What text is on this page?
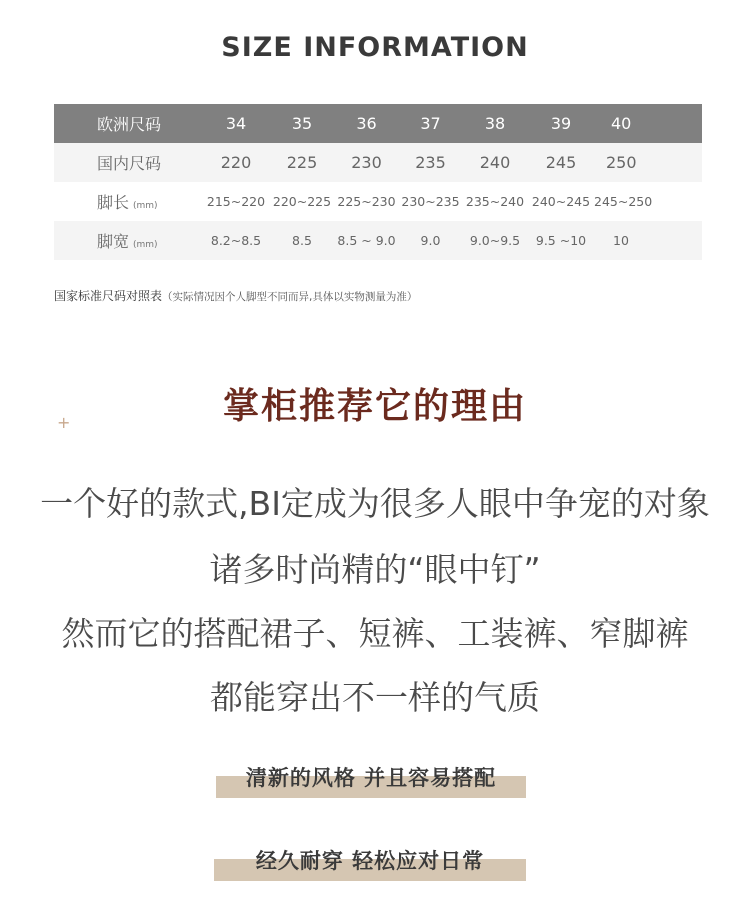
SIZE INFORMATION
欧洲尺码	34	35	36	37	38	39	40
国内尺码	220	225	230	235	240	245	250
脚长 (mm)	215~220	220~225	225~230	230~235	235~240	240~245	245~250
脚宽 (mm)	8.2~8.5	8.5	8.5 ~ 9.0	9.0	9.0~9.5	9.5 ~10	10
国家标准尺码对照表（实际情况因个人脚型不同而异,具体以实物测量为准）
掌柜推荐它的理由
+
一个好的款式,BI定成为很多人眼中争宠的对象
诸多时尚精的“眼中钉”
然而它的搭配裙子、短裤、工装裤、窄脚裤
都能穿出不一样的气质
清新的风格 并且容易搭配
经久耐穿 轻松应对日常
